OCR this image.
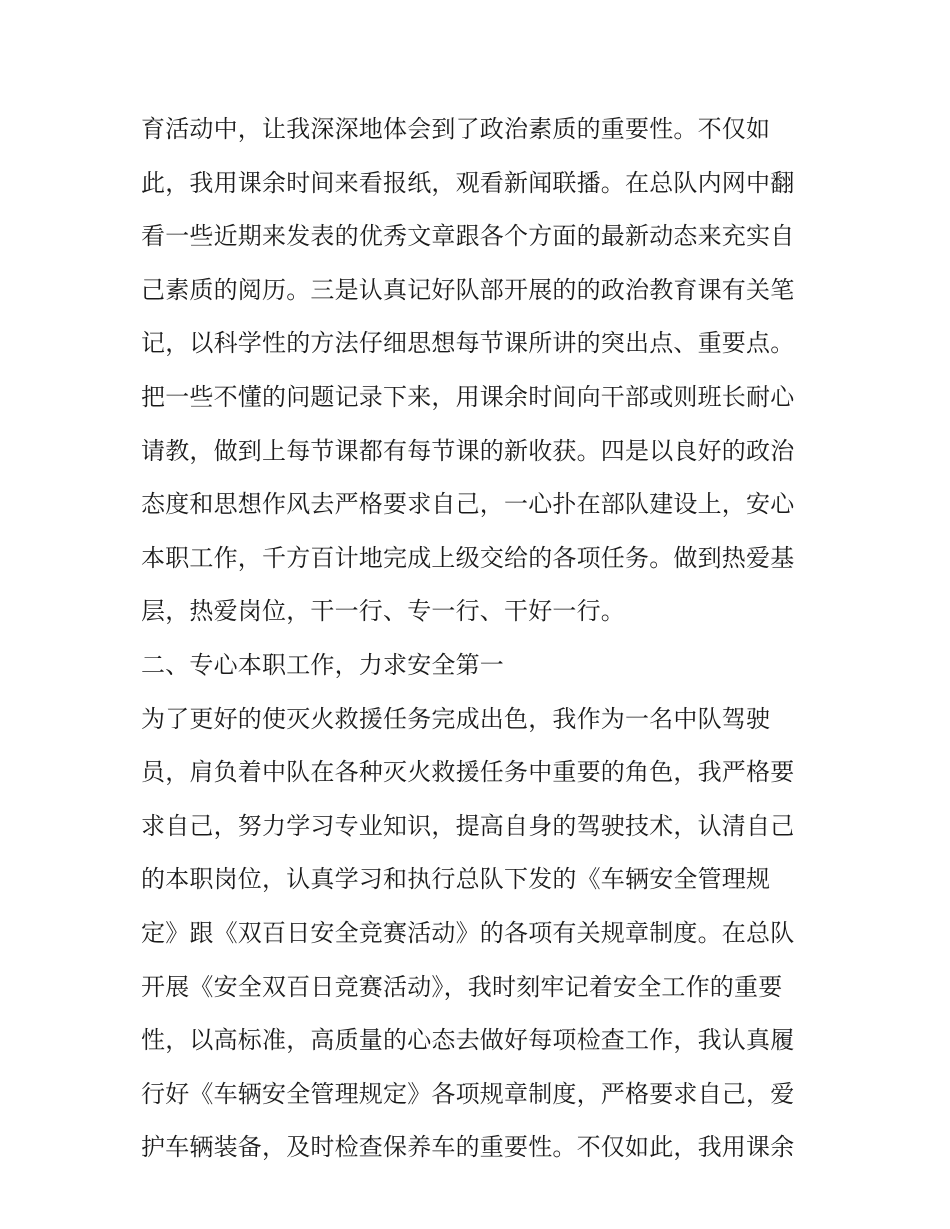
育活动中，让我深深地体会到了政治素质的重要性。不仅如
此，我用课余时间来看报纸，观看新闻联播。在总队内网中翻
看一些近期来发表的优秀文章跟各个方面的最新动态来充实自
己素质的阅历。三是认真记好队部开展的的政治教育课有关笔
记，以科学性的方法仔细思想每节课所讲的突出点、重要点。
把一些不懂的问题记录下来，用课余时间向干部或则班长耐心
请教，做到上每节课都有每节课的新收获。四是以良好的政治
态度和思想作风去严格要求自己，一心扑在部队建设上，安心
本职工作，千方百计地完成上级交给的各项任务。做到热爱基
层，热爱岗位，干一行、专一行、干好一行。
二、专心本职工作，力求安全第一
为了更好的使灭火救援任务完成出色，我作为一名中队驾驶
员，肩负着中队在各种灭火救援任务中重要的角色，我严格要
求自己，努力学习专业知识，提高自身的驾驶技术，认清自己
的本职岗位，认真学习和执行总队下发的《车辆安全管理规
定》跟《双百日安全竞赛活动》的各项有关规章制度。在总队
开展《安全双百日竞赛活动》，我时刻牢记着安全工作的重要
性，以高标准，高质量的心态去做好每项检查工作，我认真履
行好《车辆安全管理规定》各项规章制度，严格要求自己，爱
护车辆装备，及时检查保养车的重要性。不仅如此，我用课余
